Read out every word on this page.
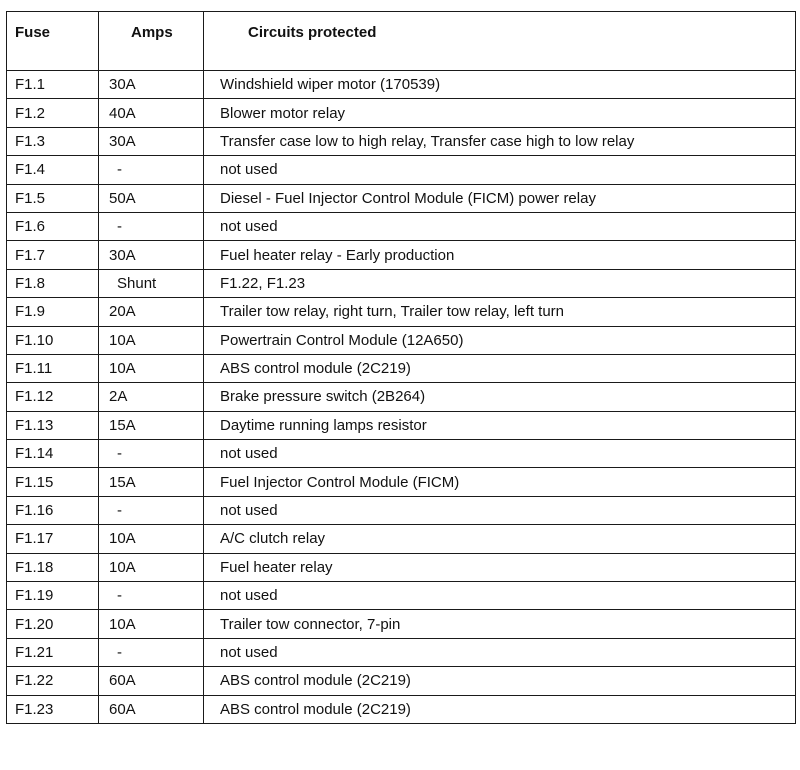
Fuse	Amps	Circuits protected
F1.1	30A	Windshield wiper motor (170539)
F1.2	40A	Blower motor relay
F1.3	30A	Transfer case low to high relay, Transfer case high to low relay
F1.4	-	not used
F1.5	50A	Diesel - Fuel Injector Control Module (FICM) power relay
F1.6	-	not used
F1.7	30A	Fuel heater relay - Early production
F1.8	Shunt	F1.22, F1.23
F1.9	20A	Trailer tow relay, right turn, Trailer tow relay, left turn
F1.10	10A	Powertrain Control Module (12A650)
F1.11	10A	ABS control module (2C219)
F1.12	2A	Brake pressure switch (2B264)
F1.13	15A	Daytime running lamps resistor
F1.14	-	not used
F1.15	15A	Fuel Injector Control Module (FICM)
F1.16	-	not used
F1.17	10A	A/C clutch relay
F1.18	10A	Fuel heater relay
F1.19	-	not used
F1.20	10A	Trailer tow connector, 7-pin
F1.21	-	not used
F1.22	60A	ABS control module (2C219)
F1.23	60A	ABS control module (2C219)
